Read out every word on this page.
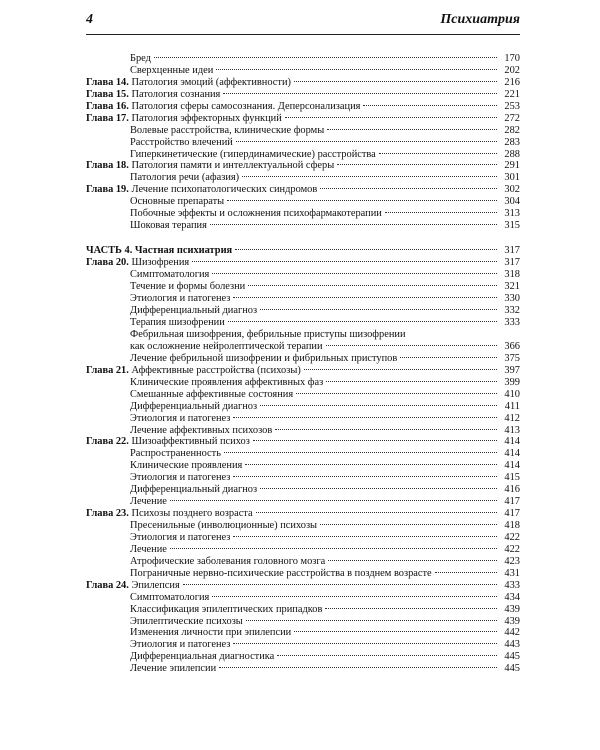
4	Психиатрия
Бред	170
Сверхценные идеи	202
Глава 14. Патология эмоций (аффективности)	216
Глава 15. Патология сознания	221
Глава 16. Патология сферы самосознания. Деперсонализация	253
Глава 17. Патология эффекторных функций	272
Волевые расстройства, клинические формы	282
Расстройство влечений	283
Гиперкинетические (гипердинамические) расстройства	288
Глава 18. Патология памяти и интеллектуальной сферы	291
Патология речи (афазия)	301
Глава 19. Лечение психопатологических синдромов	302
Основные препараты	304
Побочные эффекты и осложнения психофармакотерапии	313
Шоковая терапия	315
ЧАСТЬ 4. Частная психиатрия	317
Глава 20. Шизофрения	317
Симптоматология	318
Течение и формы болезни	321
Этиология и патогенез	330
Дифференциальный диагноз	332
Терапия шизофрении	333
Фебрильная шизофрения, фебрильные приступы шизофрении
как осложнение нейролептической терапии	366
Лечение фебрильной шизофрении и фибрильных приступов	375
Глава 21. Аффективные расстройства (психозы)	397
Клинические проявления аффективных фаз	399
Смешанные аффективные состояния	410
Дифференциальный диагноз	411
Этиология и патогенез	412
Лечение аффективных психозов	413
Глава 22. Шизоаффективный психоз	414
Распространенность	414
Клинические проявления	414
Этиология и патогенез	415
Дифференциальный диагноз	416
Лечение	417
Глава 23. Психозы позднего возраста	417
Пресенильные (инволюционные) психозы	418
Этиология и патогенез	422
Лечение	422
Атрофические заболевания головного мозга	423
Пограничные нервно-психические расстройства в позднем возрасте	431
Глава 24. Эпилепсия	433
Симптоматология	434
Классификация эпилептических припадков	439
Эпилептические психозы	439
Изменения личности при эпилепсии	442
Этиология и патогенез	443
Дифференциальная диагностика	445
Лечение эпилепсии	445
